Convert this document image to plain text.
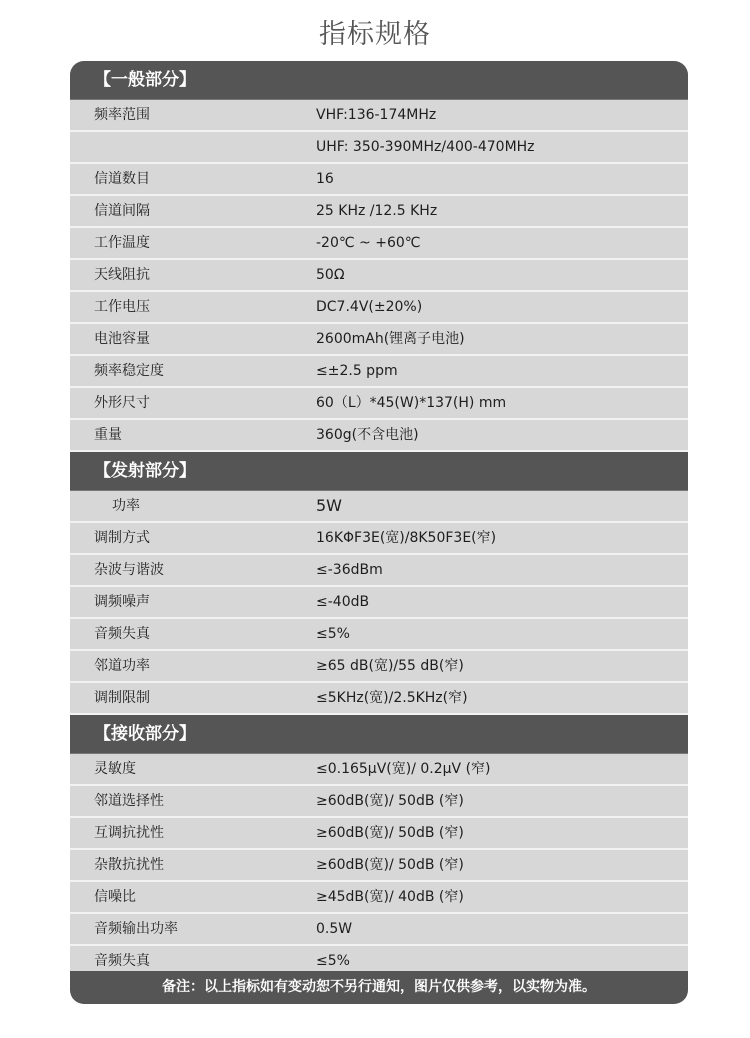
指标规格
【一般部分】
频率范围	VHF:136-174MHz
UHF: 350-390MHz/400-470MHz
信道数目	16
信道间隔	25 KHz /12.5 KHz
工作温度	-20℃ ~ +60℃
天线阻抗	50Ω
工作电压	DC7.4V(±20%)
电池容量	2600mAh(锂离子电池)
频率稳定度	≤±2.5 ppm
外形尺寸	60（L）*45(W)*137(H) mm
重量	360g(不含电池)
【发射部分】
功率	5W
调制方式	16KΦF3E(宽)/8K50F3E(窄)
杂波与谐波	≤-36dBm
调频噪声	≤-40dB
音频失真	≤5%
邻道功率	≥65 dB(宽)/55 dB(窄)
调制限制	≤5KHz(宽)/2.5KHz(窄)
【接收部分】
灵敏度	≤0.165μV(宽)/ 0.2μV (窄)
邻道选择性	≥60dB(宽)/ 50dB (窄)
互调抗扰性	≥60dB(宽)/ 50dB (窄)
杂散抗扰性	≥60dB(宽)/ 50dB (窄)
信噪比	≥45dB(宽)/ 40dB (窄)
音频输出功率	0.5W
音频失真	≤5%
备注：以上指标如有变动恕不另行通知，图片仅供参考，以实物为准。
